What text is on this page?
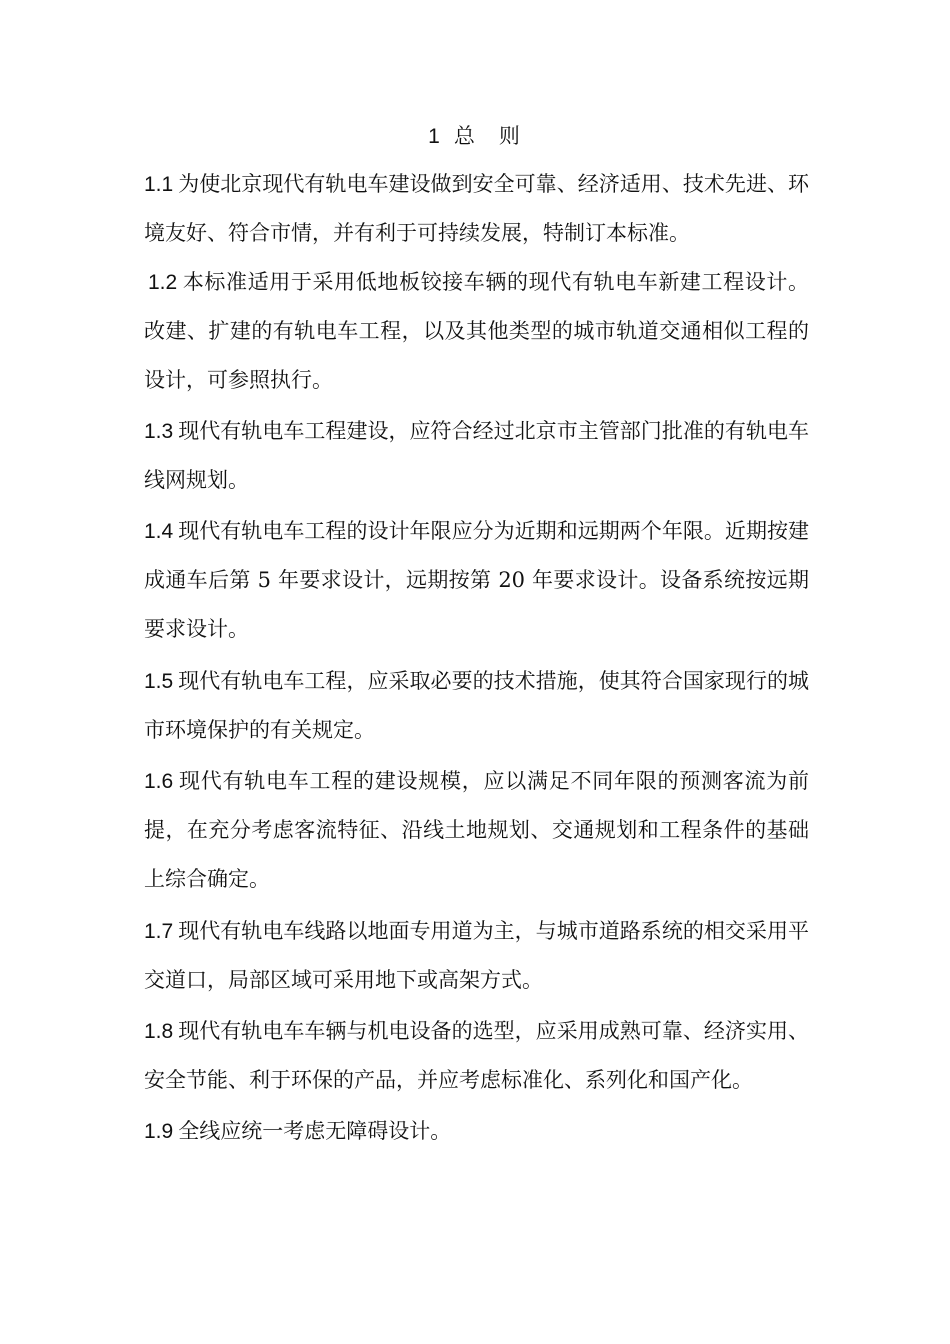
1 总 则

1.1 为使北京现代有轨电车建设做到安全可靠、经济适用、技术先进、环境友好、符合市情，并有利于可持续发展，特制订本标准。

1.2 本标准适用于采用低地板铰接车辆的现代有轨电车新建工程设计。改建、扩建的有轨电车工程，以及其他类型的城市轨道交通相似工程的设计，可参照执行。

1.3 现代有轨电车工程建设，应符合经过北京市主管部门批准的有轨电车线网规划。

1.4 现代有轨电车工程的设计年限应分为近期和远期两个年限。近期按建成通车后第 5 年要求设计，远期按第 20 年要求设计。设备系统按远期要求设计。

1.5 现代有轨电车工程，应采取必要的技术措施，使其符合国家现行的城市环境保护的有关规定。

1.6 现代有轨电车工程的建设规模，应以满足不同年限的预测客流为前提，在充分考虑客流特征、沿线土地规划、交通规划和工程条件的基础上综合确定。

1.7 现代有轨电车线路以地面专用道为主，与城市道路系统的相交采用平交道口，局部区域可采用地下或高架方式。

1.8 现代有轨电车车辆与机电设备的选型，应采用成熟可靠、经济实用、安全节能、利于环保的产品，并应考虑标准化、系列化和国产化。

1.9 全线应统一考虑无障碍设计。
